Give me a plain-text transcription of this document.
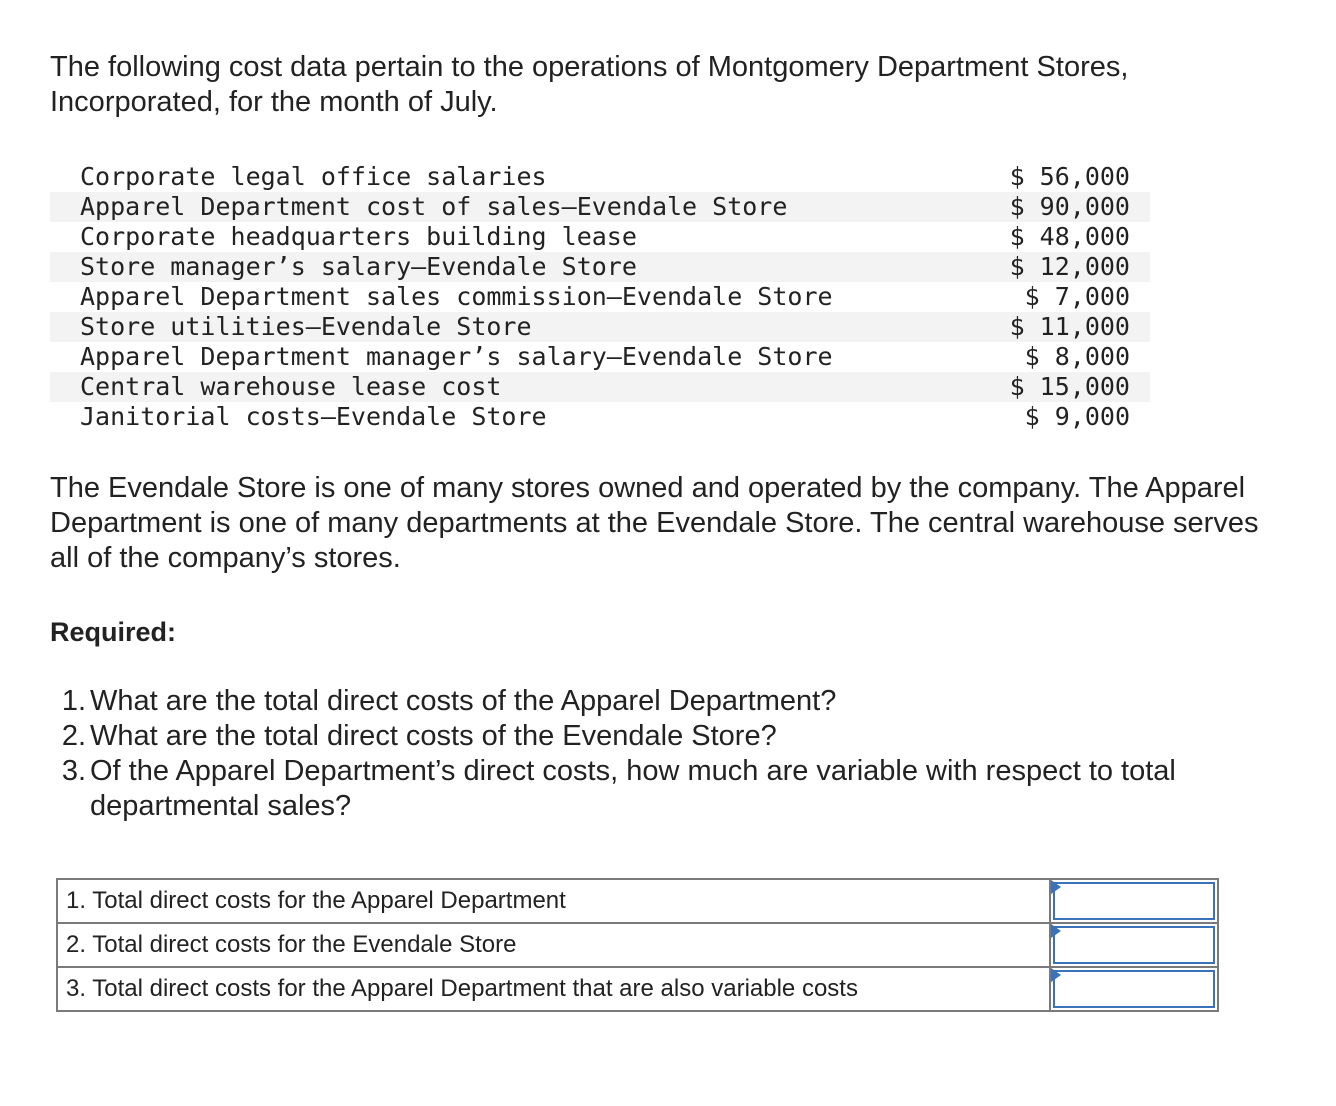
The following cost data pertain to the operations of Montgomery Department Stores, Incorporated, for the month of July.

Corporate legal office salaries	$ 56,000
Apparel Department cost of sales–Evendale Store	$ 90,000
Corporate headquarters building lease	$ 48,000
Store manager’s salary–Evendale Store	$ 12,000
Apparel Department sales commission–Evendale Store	$ 7,000
Store utilities–Evendale Store	$ 11,000
Apparel Department manager’s salary–Evendale Store	$ 8,000
Central warehouse lease cost	$ 15,000
Janitorial costs–Evendale Store	$ 9,000

The Evendale Store is one of many stores owned and operated by the company. The Apparel Department is one of many departments at the Evendale Store. The central warehouse serves all of the company’s stores.

Required:

1. What are the total direct costs of the Apparel Department?
2. What are the total direct costs of the Evendale Store?
3. Of the Apparel Department’s direct costs, how much are variable with respect to total departmental sales?
1. Total direct costs for the Apparel Department	

2. Total direct costs for the Evendale Store	

3. Total direct costs for the Apparel Department that are also variable costs	
